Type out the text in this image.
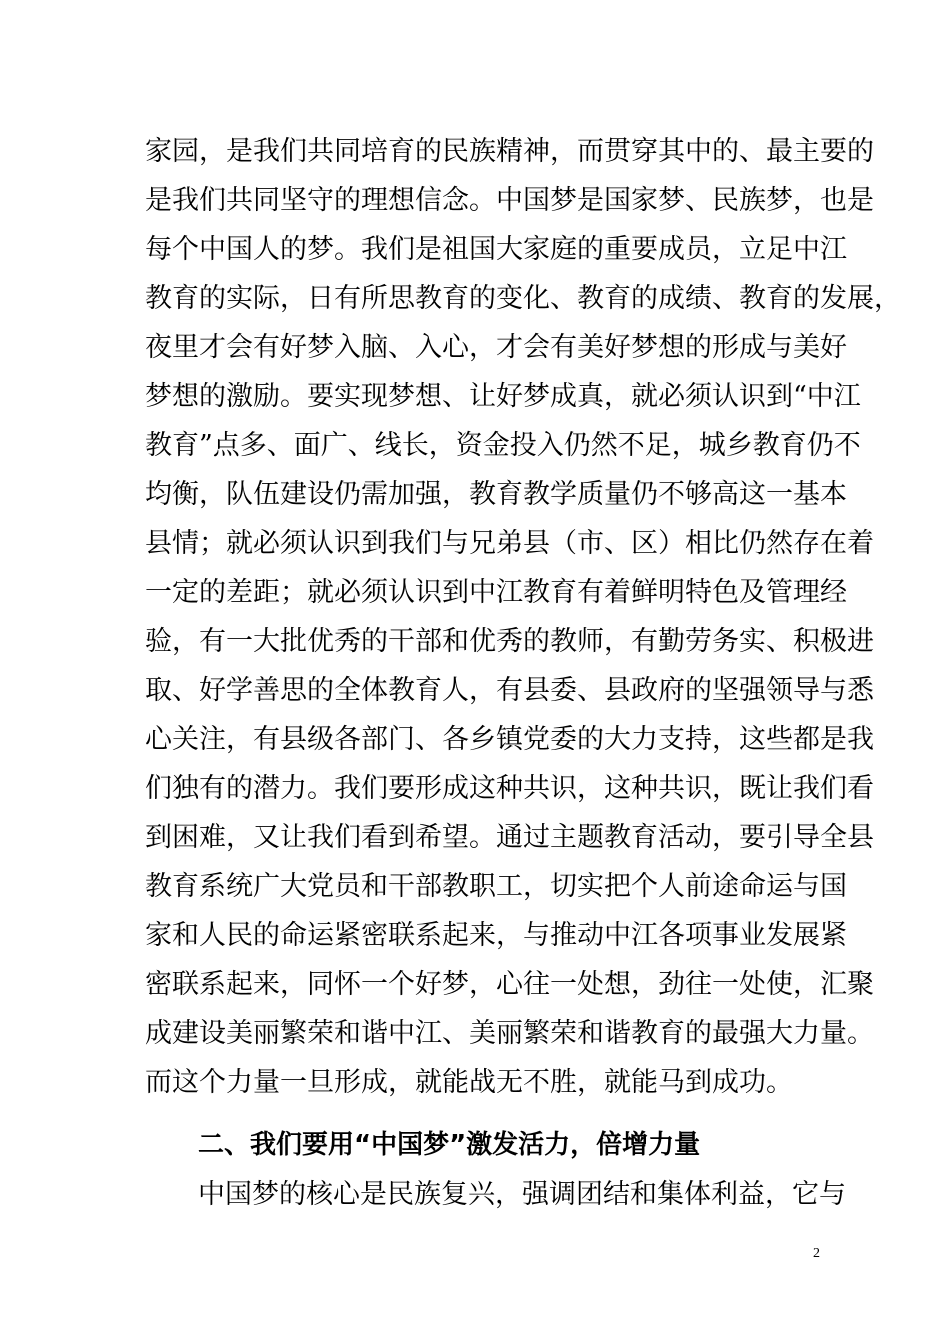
家园，是我们共同培育的民族精神，而贯穿其中的、最主要的
是我们共同坚守的理想信念。中国梦是国家梦、民族梦，也是
每个中国人的梦。我们是祖国大家庭的重要成员，立足中江
教育的实际，日有所思教育的变化、教育的成绩、教育的发展，
夜里才会有好梦入脑、入心，才会有美好梦想的形成与美好
梦想的激励。要实现梦想、让好梦成真，就必须认识到“中江
教育”点多、面广、线长，资金投入仍然不足，城乡教育仍不
均衡，队伍建设仍需加强，教育教学质量仍不够高这一基本
县情；就必须认识到我们与兄弟县（市、区）相比仍然存在着
一定的差距；就必须认识到中江教育有着鲜明特色及管理经
验，有一大批优秀的干部和优秀的教师，有勤劳务实、积极进
取、好学善思的全体教育人，有县委、县政府的坚强领导与悉
心关注，有县级各部门、各乡镇党委的大力支持，这些都是我
们独有的潜力。我们要形成这种共识，这种共识，既让我们看
到困难，又让我们看到希望。通过主题教育活动，要引导全县
教育系统广大党员和干部教职工，切实把个人前途命运与国
家和人民的命运紧密联系起来，与推动中江各项事业发展紧
密联系起来，同怀一个好梦，心往一处想，劲往一处使，汇聚
成建设美丽繁荣和谐中江、美丽繁荣和谐教育的最强大力量。
而这个力量一旦形成，就能战无不胜，就能马到成功。
二、我们要用“中国梦”激发活力，倍增力量
中国梦的核心是民族复兴，强调团结和集体利益，它与
2
